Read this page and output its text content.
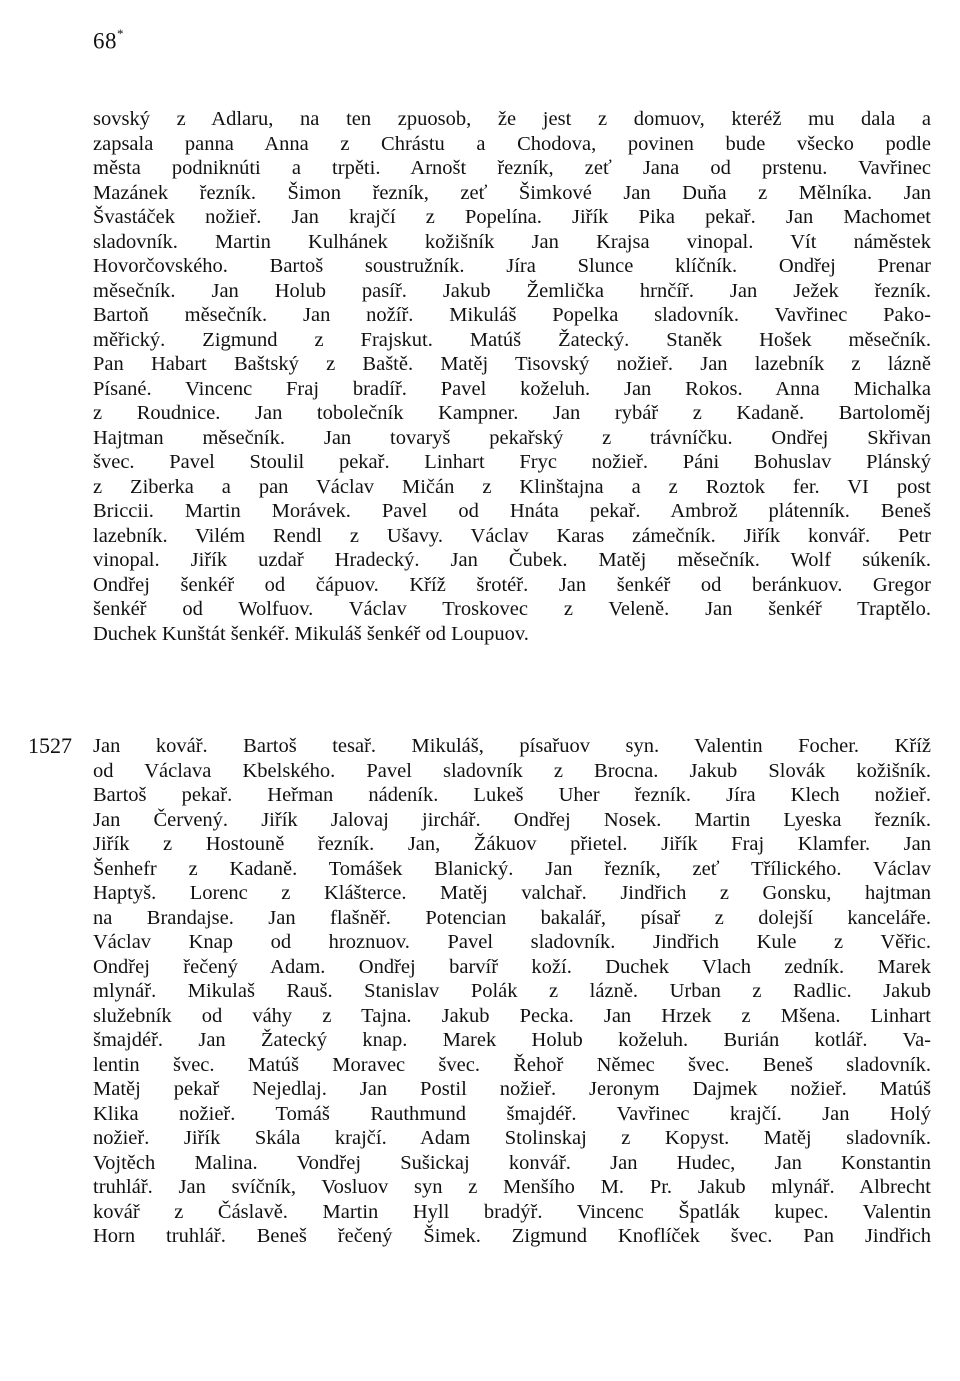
68*
sovský z Adlaru, na ten zpuosob, že jest z domuov, kteréž mu dala a
zapsala panna Anna z Chrástu a Chodova, povinen bude všecko podle
města podniknúti a trpěti. Arnošt řezník, zeť Jana od prstenu. Vavřinec
Mazánek řezník. Šimon řezník, zeť Šimkové Jan Duňa z Mělníka. Jan
Švastáček nožieř. Jan krajčí z Popelína. Jiřík Pika pekař. Jan Machomet
sladovník. Martin Kulhánek kožišník Jan Krajsa vinopal. Vít náměstek
Hovorčovského. Bartoš soustružník. Jíra Slunce klíčník. Ondřej Prenar
měsečník. Jan Holub pasíř. Jakub Žemlička hrnčíř. Jan Ježek řezník.
Bartoň měsečník. Jan nožíř. Mikuláš Popelka sladovník. Vavřinec Pako-
měřický. Zigmund z Frajskut. Matúš Žatecký. Staněk Hošek měsečník.
Pan Habart Baštský z Baště. Matěj Tisovský nožieř. Jan lazebník z lázně
Písané. Vincenc Fraj bradíř. Pavel koželuh. Jan Rokos. Anna Michalka
z Roudnice. Jan tobolečník Kampner. Jan rybář z Kadaně. Bartoloměj
Hajtman měsečník. Jan tovaryš pekařský z trávníčku. Ondřej Skřivan
švec. Pavel Stoulil pekař. Linhart Fryc nožieř. Páni Bohuslav Plánský
z Ziberka a pan Václav Mičán z Klinštajna a z Roztok fer. VI post
Briccii. Martin Morávek. Pavel od Hnáta pekař. Ambrož plátenník. Beneš
lazebník. Vilém Rendl z Ušavy. Václav Karas zámečník. Jiřík konvář. Petr
vinopal. Jiřík uzdař Hradecký. Jan Čubek. Matěj měsečník. Wolf súkeník.
Ondřej šenkéř od čápuov. Kříž šrotéř. Jan šenkéř od beránkuov. Gregor
šenkéř od Wolfuov. Václav Troskovec z Veleně. Jan šenkéř Traptělo.
Duchek Kunštát šenkéř. Mikuláš šenkéř od Loupuov.
1527 Jan kovář. Bartoš tesař. Mikuláš, písařuov syn. Valentin Focher. Kříž
od Václava Kbelského. Pavel sladovník z Brocna. Jakub Slovák kožišník.
Bartoš pekař. Heřman nádeník. Lukeš Uher řezník. Jíra Klech nožieř.
Jan Červený. Jiřík Jalovaj jirchář. Ondřej Nosek. Martin Lyeska řezník.
Jiřík z Hostouně řezník. Jan, Žákuov přietel. Jiřík Fraj Klamfer. Jan
Šenhefr z Kadaně. Tomášek Blanický. Jan řezník, zeť Třílického. Václav
Haptyš. Lorenc z Klášterce. Matěj valchař. Jindřich z Gonsku, hajtman
na Brandajse. Jan flašněř. Potencian bakalář, písař z dolejší kanceláře.
Václav Knap od hroznuov. Pavel sladovník. Jindřich Kule z Věřic.
Ondřej řečený Adam. Ondřej barvíř koží. Duchek Vlach zedník. Marek
mlynář. Mikulaš Rauš. Stanislav Polák z lázně. Urban z Radlic. Jakub
služebník od váhy z Tajna. Jakub Pecka. Jan Hrzek z Mšena. Linhart
šmajdéř. Jan Žatecký knap. Marek Holub koželuh. Burián kotlář. Va-
lentin švec. Matúš Moravec švec. Řehoř Němec švec. Beneš sladovník.
Matěj pekař Nejedlaj. Jan Postil nožieř. Jeronym Dajmek nožieř. Matúš
Klika nožieř. Tomáš Rauthmund šmajdéř. Vavřinec krajčí. Jan Holý
nožieř. Jiřík Skála krajčí. Adam Stolinskaj z Kopyst. Matěj sladovník.
Vojtěch Malina. Vondřej Sušickaj konvář. Jan Hudec, Jan Konstantin
truhlář. Jan svíčník, Vosluov syn z Menšího M. Pr. Jakub mlynář. Albrecht
kovář z Čáslavě. Martin Hyll bradýř. Vincenc Špatlák kupec. Valentin
Horn truhlář. Beneš řečený Šimek. Zigmund Knoflíček švec. Pan Jindřich
